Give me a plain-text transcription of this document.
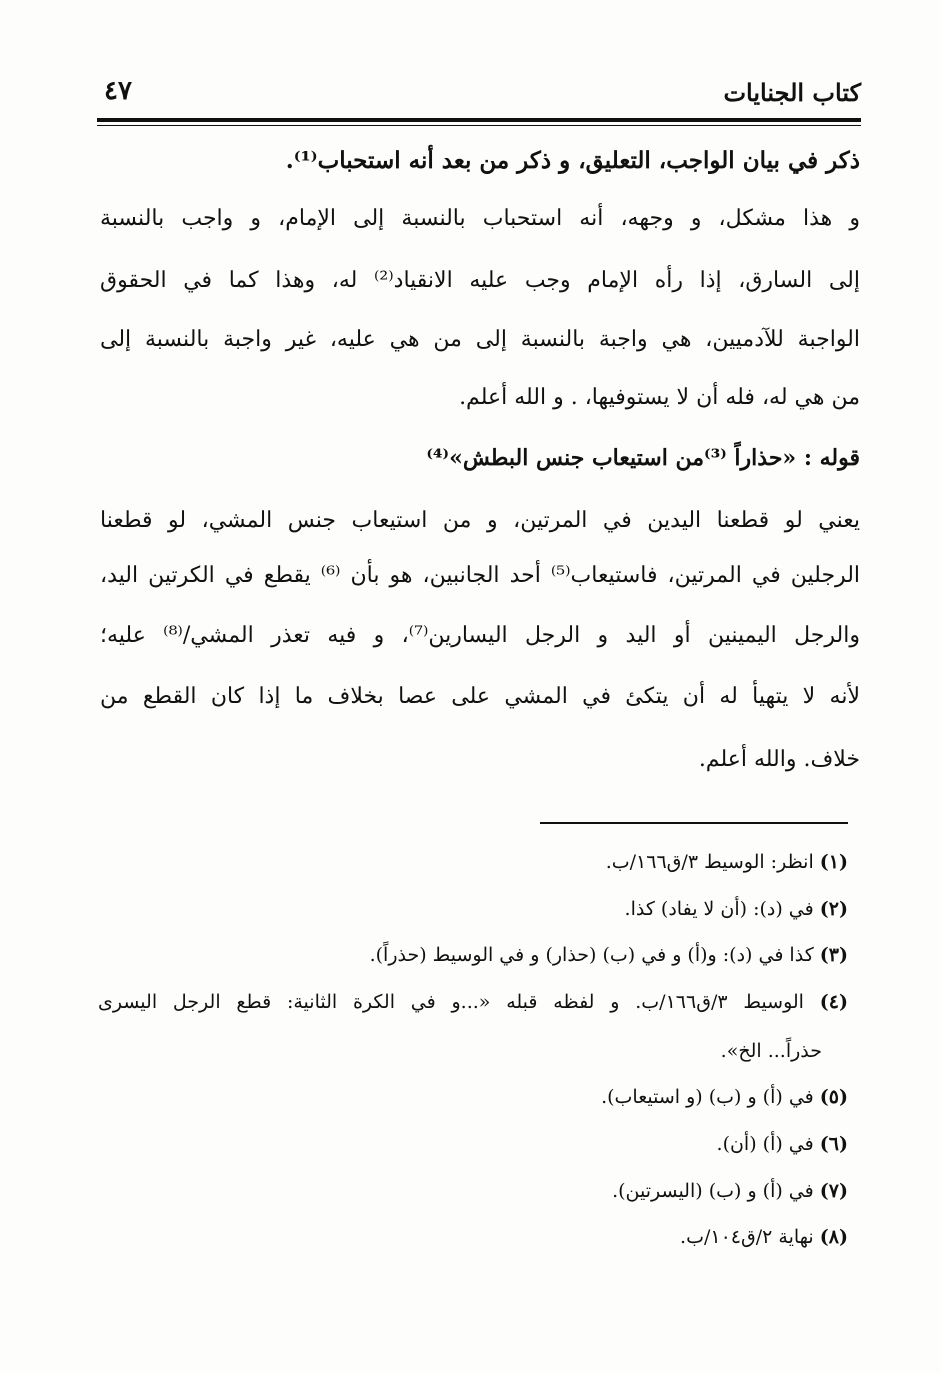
كتاب الجنايات
٤٧
ذكر في بيان الواجب، التعليق، و ذكر من بعد أنه استحباب⁽¹⁾.
و هذا مشكل، و وجهه، أنه استحباب بالنسبة إلى الإمام، و واجب بالنسبة
إلى السارق، إذا رأه الإمام وجب عليه الانقياد⁽²⁾ له، وهذا كما في الحقوق
الواجبة للآدميين، هي واجبة بالنسبة إلى من هي عليه، غير واجبة بالنسبة إلى
من هي له، فله أن لا يستوفيها، . و الله أعلم.
قوله : «حذاراً ⁽³⁾من استيعاب جنس البطش»⁽⁴⁾
يعني لو قطعنا اليدين في المرتين، و من استيعاب جنس المشي، لو قطعنا
الرجلين في المرتين، فاستيعاب⁽⁵⁾ أحد الجانبين، هو بأن ⁽⁶⁾ يقطع في الكرتين اليد،
والرجل اليمينين أو اليد و الرجل اليسارين⁽⁷⁾، و فيه تعذر المشي/⁽⁸⁾ عليه؛
لأنه لا يتهيأ له أن يتكئ في المشي على عصا بخلاف ما إذا كان القطع من
خلاف. والله أعلم.
(١) انظر: الوسيط ٣/ق١٦٦/ب.
(٢) في (د): (أن لا يفاد) كذا.
(٣) كذا في (د): و(أ) و في (ب) (حذار) و في الوسيط (حذراً).
(٤) الوسيط ٣/ق١٦٦/ب. و لفظه قبله «...و في الكرة الثانية: قطع الرجل اليسرى
حذراً... الخ».
(٥) في (أ) و (ب) (و استيعاب).
(٦) في (أ) (أن).
(٧) في (أ) و (ب) (اليسرتين).
(٨) نهاية ٢/ق١٠٤/ب.
